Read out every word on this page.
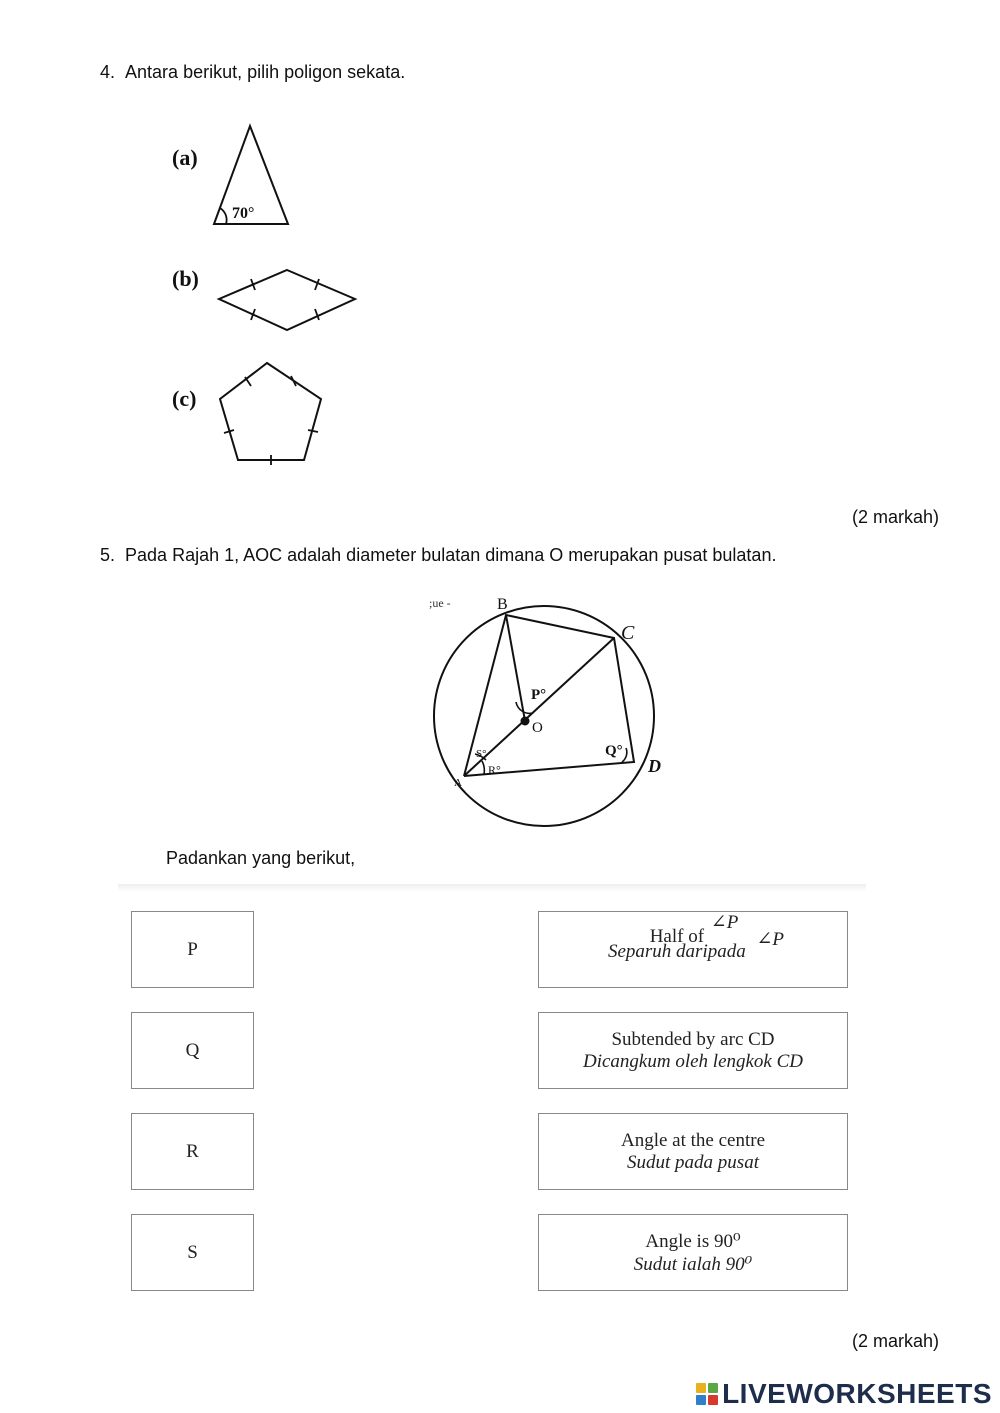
4. Antara berikut, pilih poligon sekata.
(a)
70°
(b)
(c)
(2 markah)
5. Pada Rajah 1, AOC adalah diameter bulatan dimana O merupakan pusat bulatan.
;ue -	B
C
D
A
O
P°
Q°
R°
S°
Padankan yang berikut,
P
Q
R
S
Half of ∠P
Separuh daripada ∠P
Subtended by arc CD
Dicangkum oleh lengkok CD
Angle at the centre
Sudut pada pusat
Angle is 90⁰
Sudut ialah 90⁰
(2 markah)
LIVEWORKSHEETS
